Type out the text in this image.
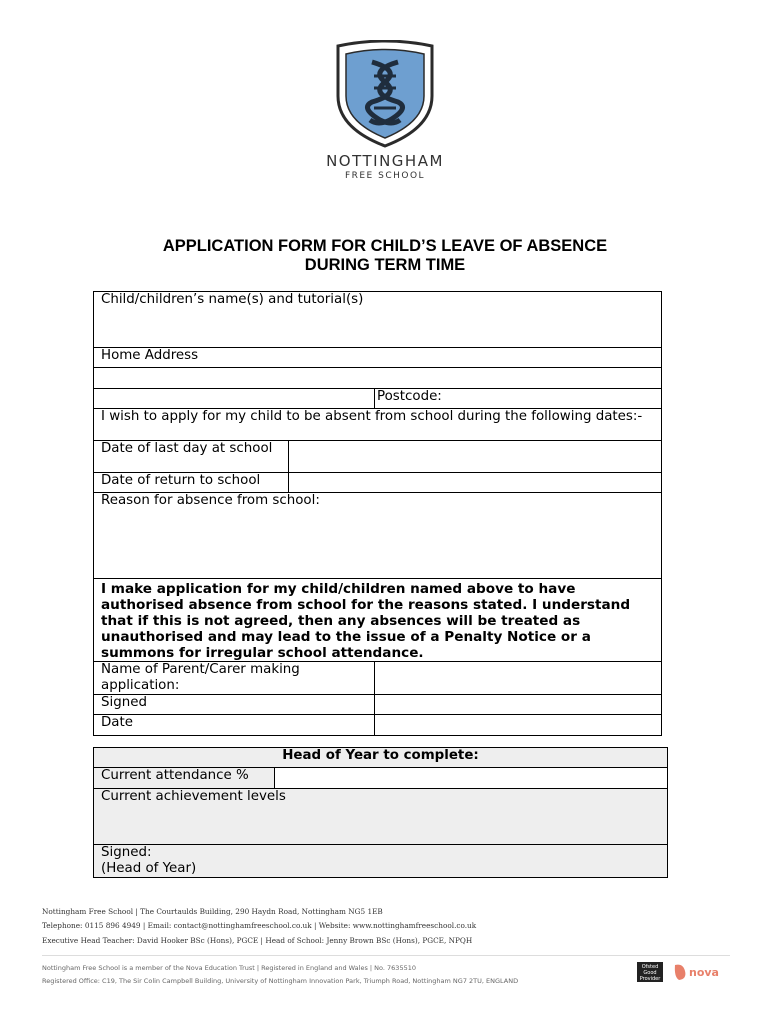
NOTTINGHAM
FREE SCHOOL
APPLICATION FORM FOR CHILD’S LEAVE OF ABSENCE
DURING TERM TIME
Child/children’s name(s) and tutorial(s)		
Home Address		

		Postcode:
I wish to apply for my child to be absent from school during the following dates:-		
Date of last day at school		
Date of return to school		
Reason for absence from school:		
I make application for my child/children named above to have authorised absence from school for the reasons stated. I understand that if this is not agreed, then any absences will be treated as unauthorised and may lead to the issue of a Penalty Notice or a summons for irregular school attendance.		
Name of Parent/Carer making application:		
Signed		
Date		
Head of Year to complete:
Current attendance %	
Current achievement levels

Signed:
(Head of Year)
Nottingham Free School | The Courtaulds Building, 290 Haydn Road, Nottingham NG5 1EB
Telephone: 0115 896 4949 | Email: contact@nottinghamfreeschool.co.uk | Website: www.nottinghamfreeschool.co.uk
Executive Head Teacher: David Hooker BSc (Hons), PGCE | Head of School: Jenny Brown BSc (Hons), PGCE, NPQH
Nottingham Free School is a member of the Nova Education Trust | Registered in England and Wales | No. 7635510
Registered Office: C19, The Sir Colin Campbell Building, University of Nottingham Innovation Park, Triumph Road, Nottingham NG7 2TU, ENGLAND
Ofsted Good Provider	nova
